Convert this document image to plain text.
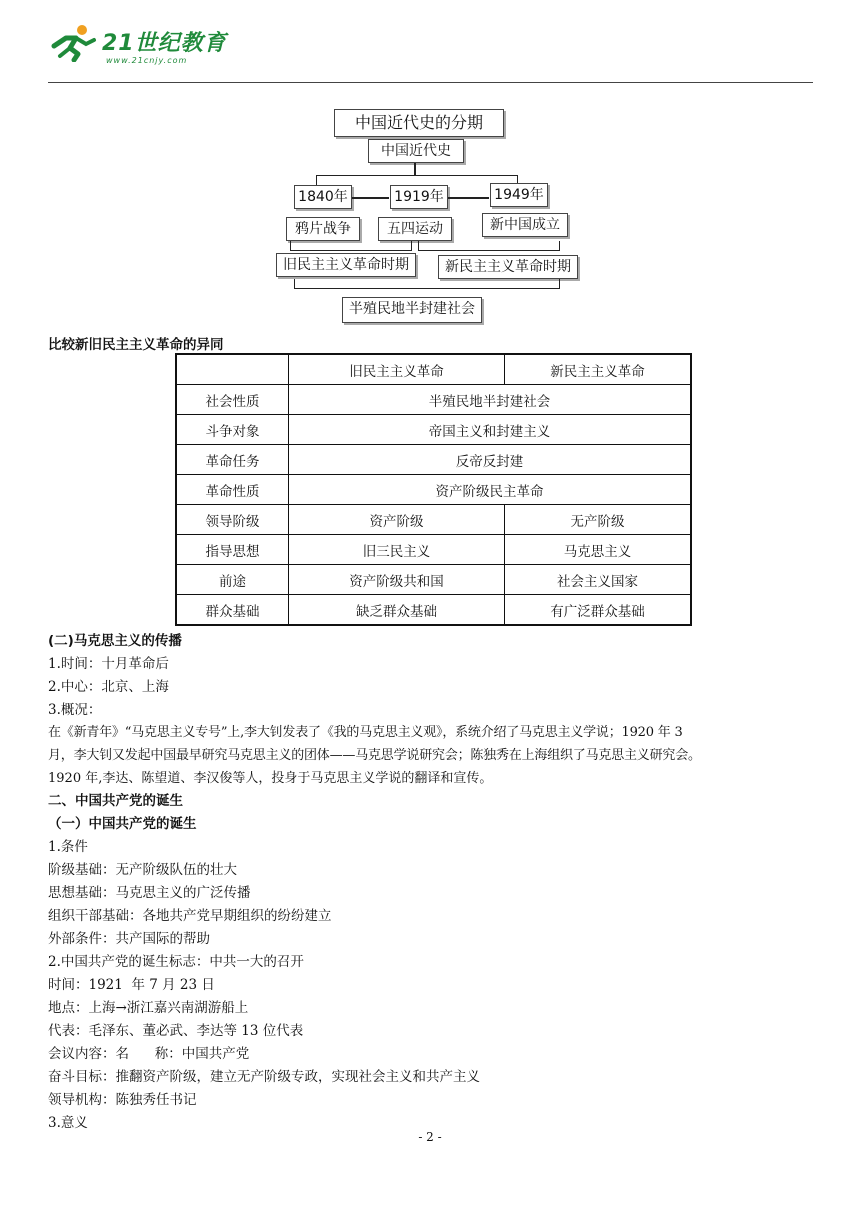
21世纪教育
www.21cnjy.com
中国近代史的分期
中国近代史
1840年	1919年	1949年
鸦片战争	五四运动	新中国成立
旧民主主义革命时期	新民主主义革命时期
半殖民地半封建社会
比较新旧民主主义革命的异同
	旧民主主义革命	新民主主义革命
社会性质	半殖民地半封建社会	
斗争对象	帝国主义和封建主义	
革命任务	反帝反封建	
革命性质	资产阶级民主革命	
领导阶级	资产阶级	无产阶级
指导思想	旧三民主义	马克思主义
前途	资产阶级共和国	社会主义国家
群众基础	缺乏群众基础	有广泛群众基础
(二)马克思主义的传播
1.时间：十月革命后
2.中心：北京、上海
3.概况：
在《新青年》“马克思主义专号”上,李大钊发表了《我的马克思主义观》，系统介绍了马克思主义学说；1920 年 3
月，李大钊又发起中国最早研究马克思主义的团体——马克思学说研究会；陈独秀在上海组织了马克思主义研究会。
1920 年,李达、陈望道、李汉俊等人，投身于马克思主义学说的翻译和宣传。
二、中国共产党的诞生
（一）中国共产党的诞生
1.条件
阶级基础：无产阶级队伍的壮大
思想基础：马克思主义的广泛传播
组织干部基础：各地共产党早期组织的纷纷建立
外部条件：共产国际的帮助
2.中国共产党的诞生标志：中共一大的召开
时间：1921  年 7 月 23 日
地点：上海→浙江嘉兴南湖游船上
代表：毛泽东、董必武、李达等 13 位代表
会议内容：名      称：中国共产党
奋斗目标：推翻资产阶级，建立无产阶级专政，实现社会主义和共产主义
领导机构：陈独秀任书记
3.意义
- 2 -
